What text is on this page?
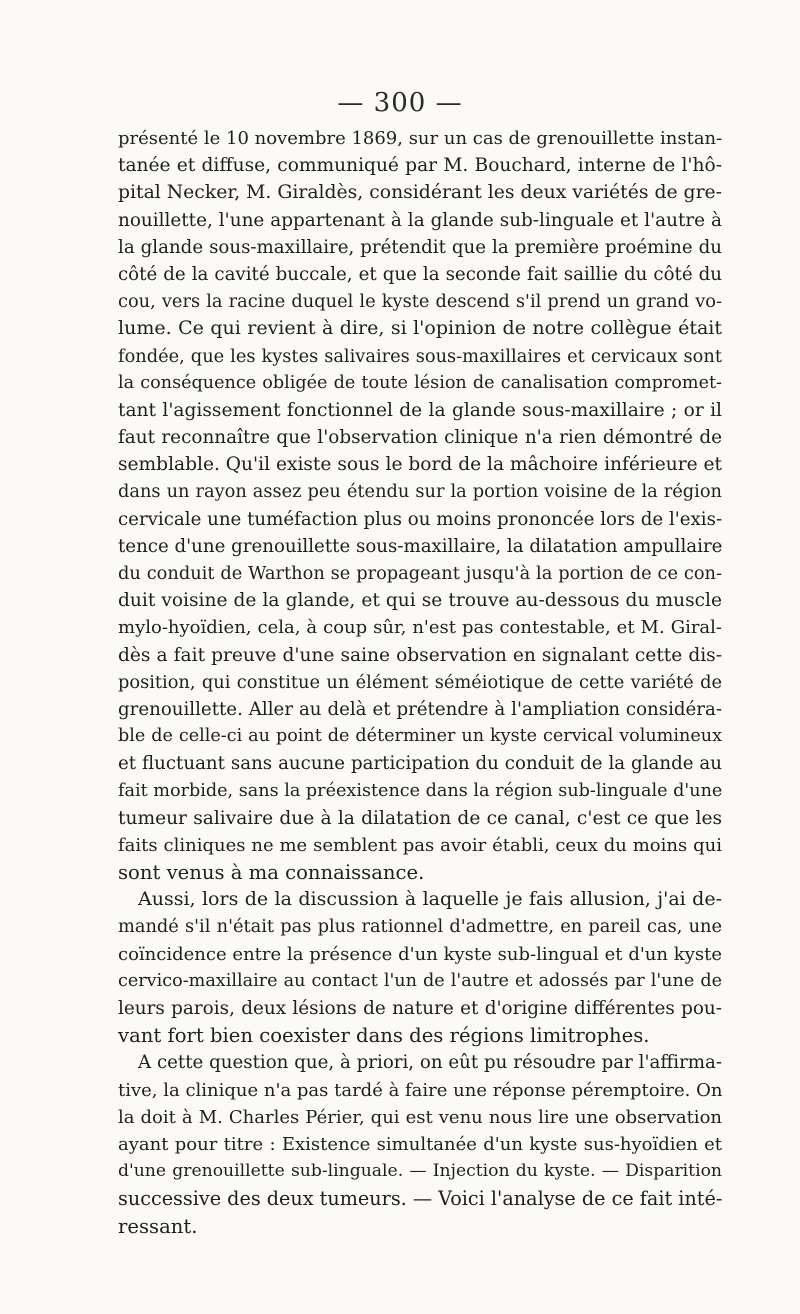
— 300 —
présenté le 10 novembre 1869, sur un cas de grenouillette instan-
tanée et diffuse, communiqué par M. Bouchard, interne de l'hô-
pital Necker, M. Giraldès, considérant les deux variétés de gre-
nouillette, l'une appartenant à la glande sub-linguale et l'autre à
la glande sous-maxillaire, prétendit que la première proémine du
côté de la cavité buccale, et que la seconde fait saillie du côté du
cou, vers la racine duquel le kyste descend s'il prend un grand vo-
lume. Ce qui revient à dire, si l'opinion de notre collègue était
fondée, que les kystes salivaires sous-maxillaires et cervicaux sont
la conséquence obligée de toute lésion de canalisation compromet-
tant l'agissement fonctionnel de la glande sous-maxillaire ; or il
faut reconnaître que l'observation clinique n'a rien démontré de
semblable. Qu'il existe sous le bord de la mâchoire inférieure et
dans un rayon assez peu étendu sur la portion voisine de la région
cervicale une tuméfaction plus ou moins prononcée lors de l'exis-
tence d'une grenouillette sous-maxillaire, la dilatation ampullaire
du conduit de Warthon se propageant jusqu'à la portion de ce con-
duit voisine de la glande, et qui se trouve au-dessous du muscle
mylo-hyoïdien, cela, à coup sûr, n'est pas contestable, et M. Giral-
dès a fait preuve d'une saine observation en signalant cette dis-
position, qui constitue un élément séméiotique de cette variété de
grenouillette. Aller au delà et prétendre à l'ampliation considéra-
ble de celle-ci au point de déterminer un kyste cervical volumineux
et fluctuant sans aucune participation du conduit de la glande au
fait morbide, sans la préexistence dans la région sub-linguale d'une
tumeur salivaire due à la dilatation de ce canal, c'est ce que les
faits cliniques ne me semblent pas avoir établi, ceux du moins qui
sont venus à ma connaissance.
Aussi, lors de la discussion à laquelle je fais allusion, j'ai de-
mandé s'il n'était pas plus rationnel d'admettre, en pareil cas, une
coïncidence entre la présence d'un kyste sub-lingual et d'un kyste
cervico-maxillaire au contact l'un de l'autre et adossés par l'une de
leurs parois, deux lésions de nature et d'origine différentes pou-
vant fort bien coexister dans des régions limitrophes.
A cette question que, à priori, on eût pu résoudre par l'affirma-
tive, la clinique n'a pas tardé à faire une réponse péremptoire. On
la doit à M. Charles Périer, qui est venu nous lire une observation
ayant pour titre : Existence simultanée d'un kyste sus-hyoïdien et
d'une grenouillette sub-linguale. — Injection du kyste. — Disparition
successive des deux tumeurs. — Voici l'analyse de ce fait inté-
ressant.
